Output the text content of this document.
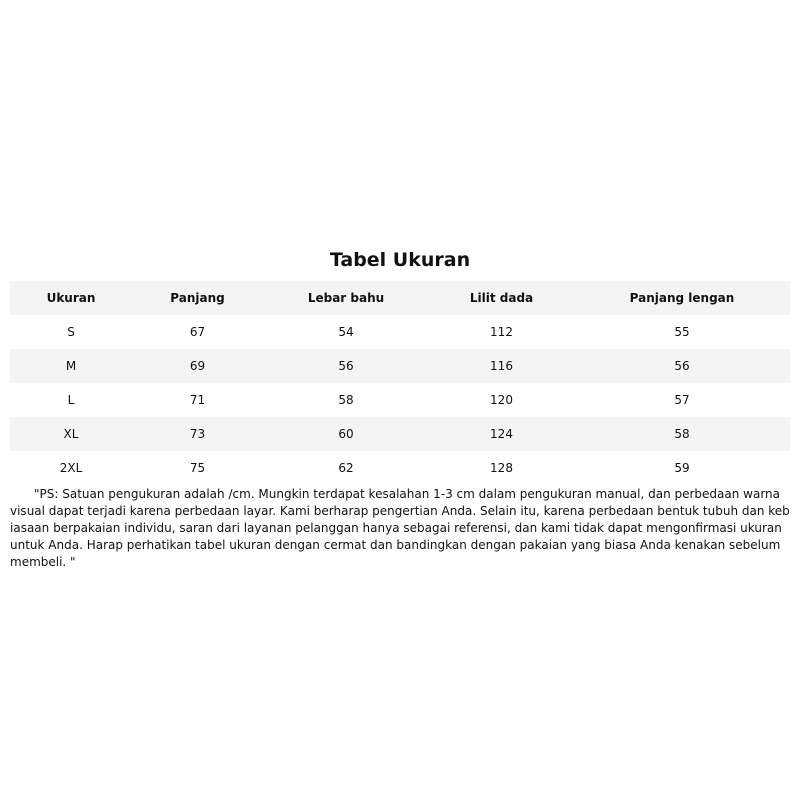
Tabel Ukuran
Ukuran	Panjang	Lebar bahu	Lilit dada	Panjang lengan
S	67	54	112	55
M	69	56	116	56
L	71	58	120	57
XL	73	60	124	58
2XL	75	62	128	59

"PS: Satuan pengukuran adalah /cm. Mungkin terdapat kesalahan 1-3 cm dalam pengukuran manual, dan perbedaan warna visual dapat terjadi karena perbedaan layar. Kami berharap pengertian Anda. Selain itu, karena perbedaan bentuk tubuh dan kebiasaan berpakaian individu, saran dari layanan pelanggan hanya sebagai referensi, dan kami tidak dapat mengonfirmasi ukuran untuk Anda. Harap perhatikan tabel ukuran dengan cermat dan bandingkan dengan pakaian yang biasa Anda kenakan sebelum membeli. "
